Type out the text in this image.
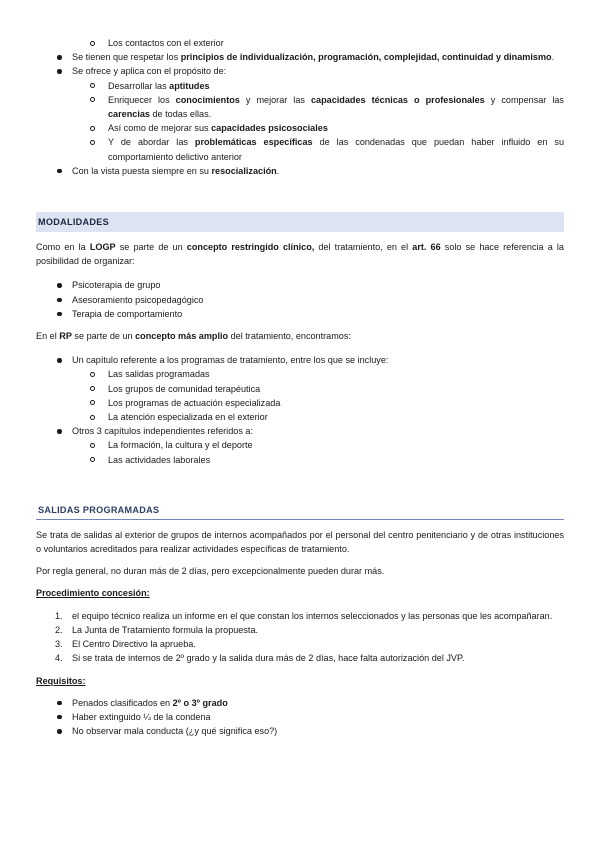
Los contactos con el exterior
Se tienen que respetar los principios de individualización, programación, complejidad, continuidad y dinamismo.
Se ofrece y aplica con el propósito de:
Desarrollar las aptitudes
Enriquecer los conocimientos y mejorar las capacidades técnicas o profesionales y compensar las carencias de todas ellas.
Así como de mejorar sus capacidades psicosociales
Y de abordar las problemáticas específicas de las condenadas que puedan haber influido en su comportamiento delictivo anterior
Con la vista puesta siempre en su resocialización.
MODALIDADES
Como en la LOGP se parte de un concepto restringido clínico, del tratamiento, en el art. 66 solo se hace referencia a la posibilidad de organizar:
Psicoterapia de grupo
Asesoramiento psicopedagógico
Terapia de comportamiento
En el RP se parte de un concepto más amplio del tratamiento, encontramos:
Un capítulo referente a los programas de tratamiento, entre los que se incluye:
Las salidas programadas
Los grupos de comunidad terapéutica
Los programas de actuación especializada
La atención especializada en el exterior
Otros 3 capítulos independientes referidos a:
La formación, la cultura y el deporte
Las actividades laborales
SALIDAS PROGRAMADAS
Se trata de salidas al exterior de grupos de internos acompañados por el personal del centro penitenciario y de otras instituciones o voluntarios acreditados para realizar actividades específicas de tratamiento.
Por regla general, no duran más de 2 días, pero excepcionalmente pueden durar más.
Procedimiento concesión:
1. el equipo técnico realiza un informe en el que constan los internos seleccionados y las personas que les acompañaran.
2. La Junta de Tratamiento formula la propuesta.
3. El Centro Directivo la aprueba.
4. Si se trata de internos de 2º grado y la salida dura más de 2 días, hace falta autorización del JVP.
Requisitos:
Penados clasificados en 2º o 3º grado
Haber extinguido ¼ de la condena
No observar mala conducta (¿y qué significa eso?)
